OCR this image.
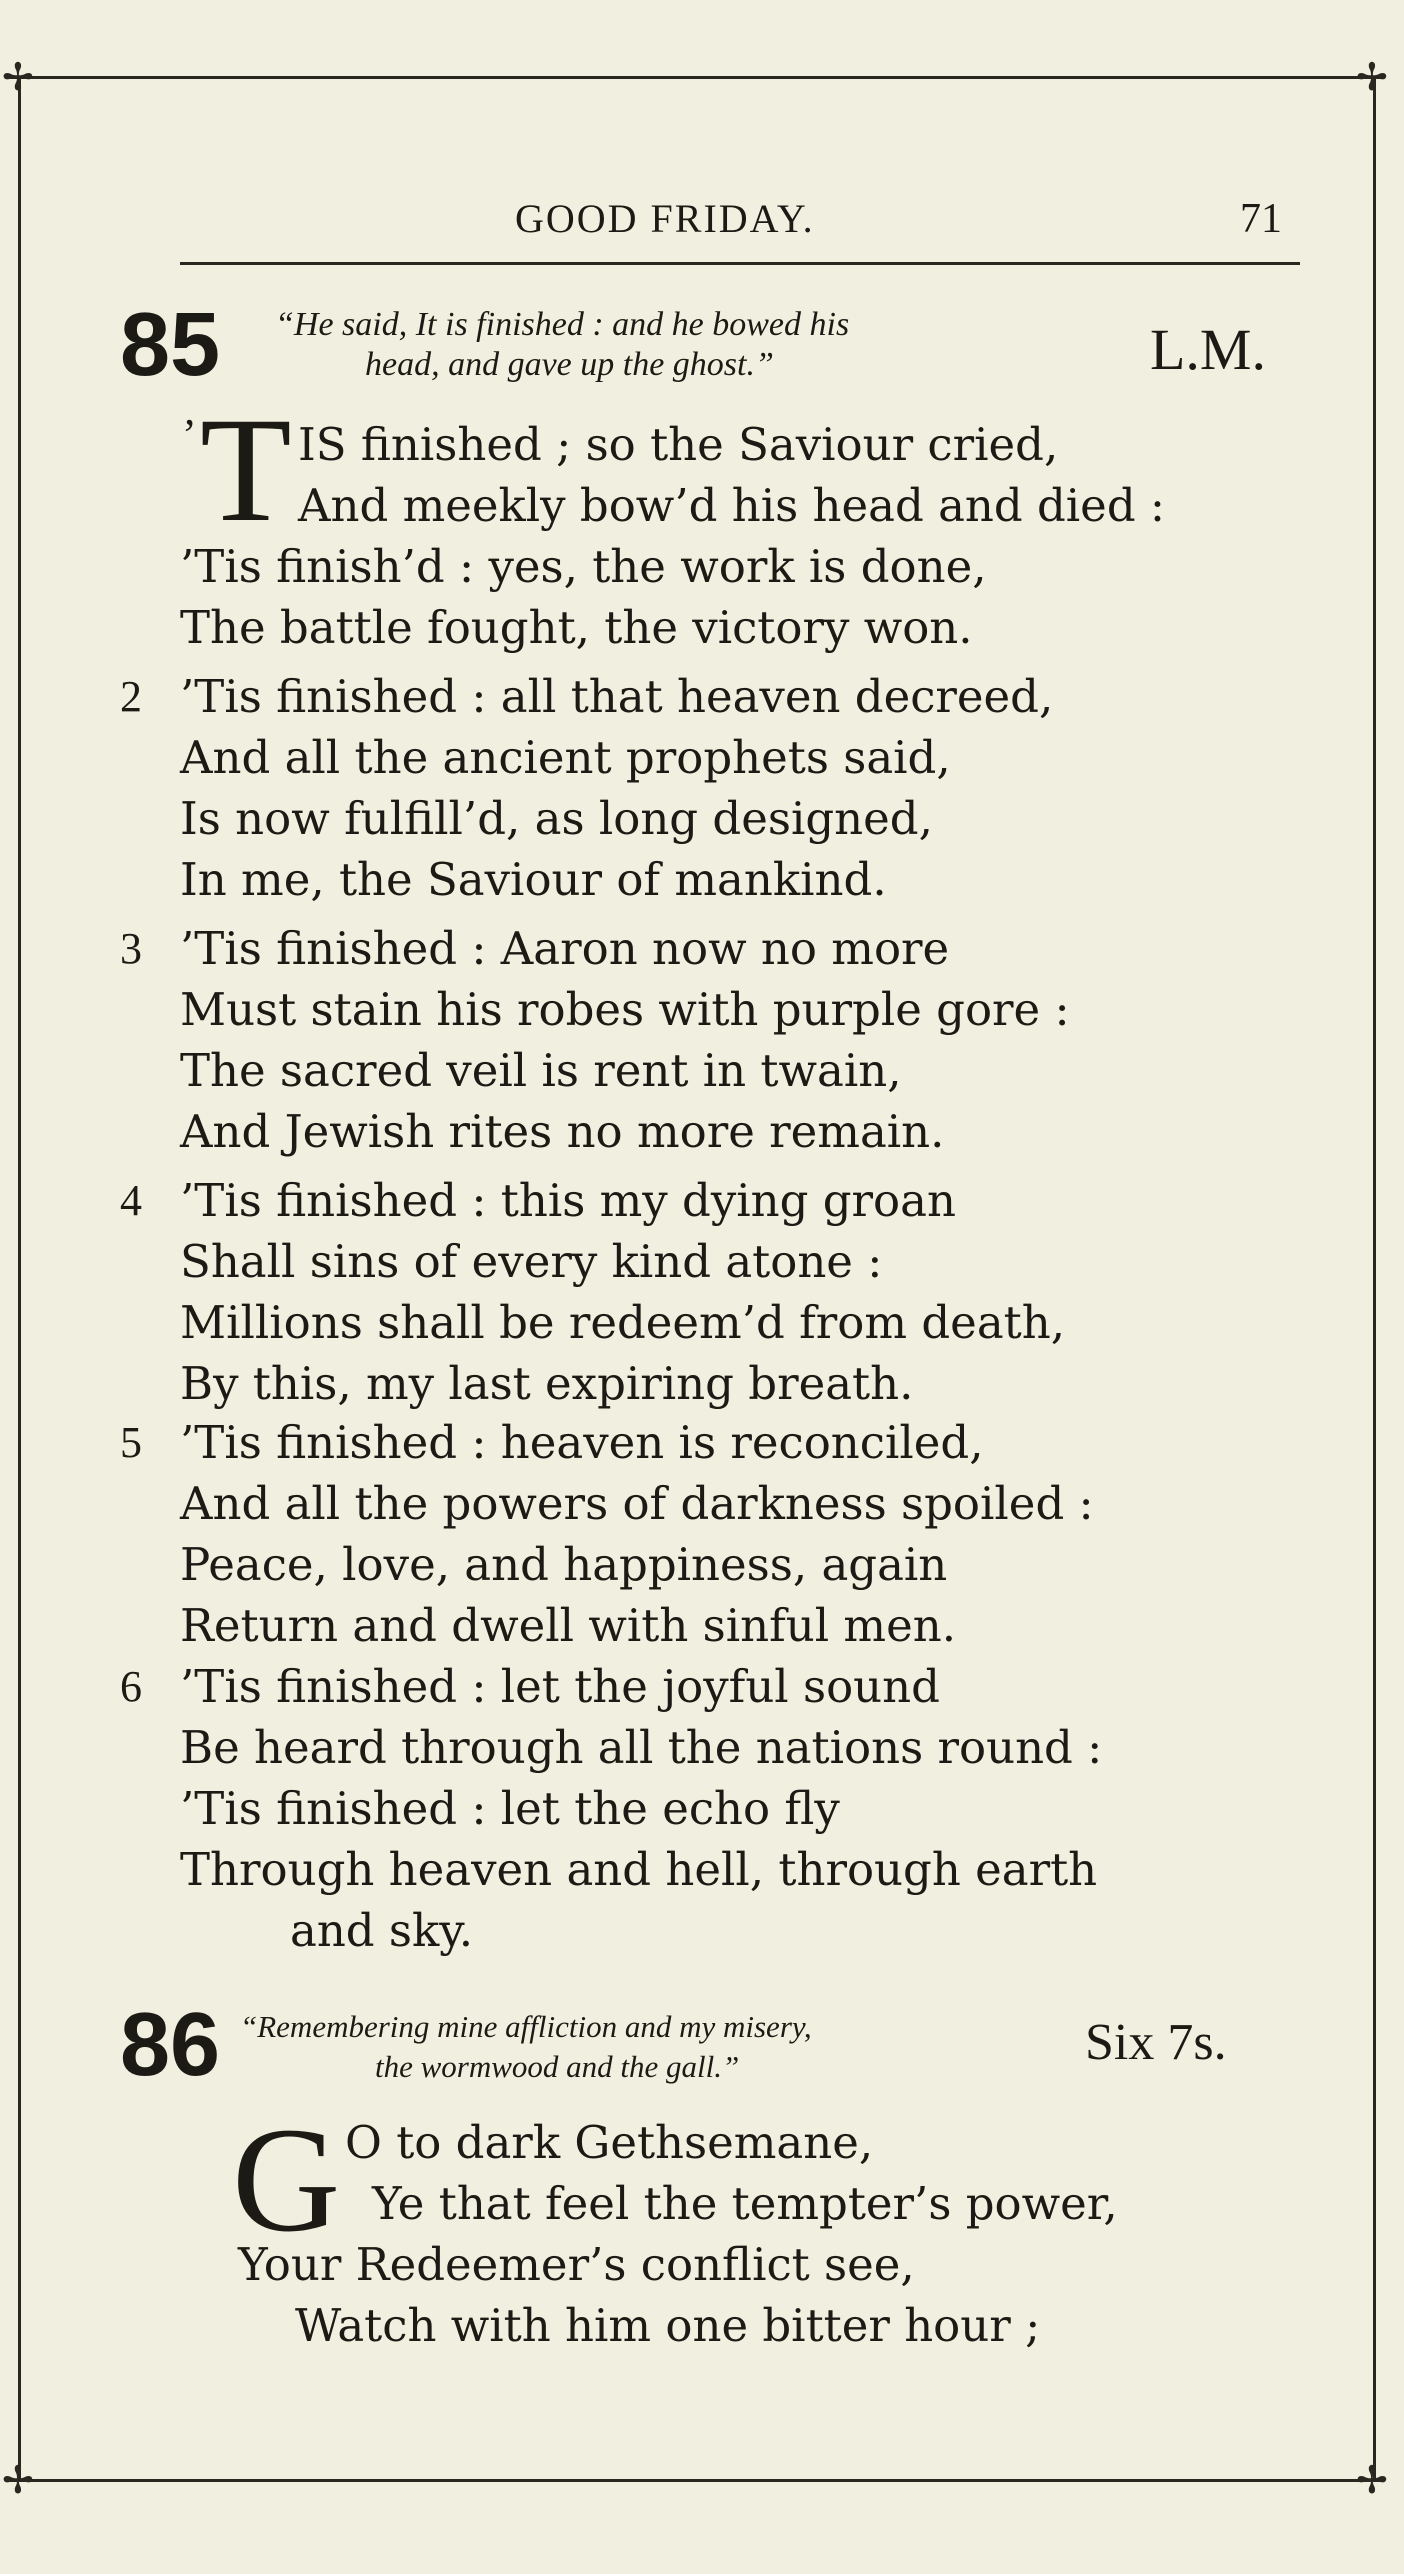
✢	✢
✢	✢
GOOD FRIDAY.	71
85 “He said, It is finished : and he bowed his
head, and gave up the ghost.”	L.M.
’ T IS finished ; so the Saviour cried,
And meekly bow’d his head and died :
’Tis finish’d : yes, the work is done,
The battle fought, the victory won.
2 ’Tis finished : all that heaven decreed,
And all the ancient prophets said,
Is now fulfill’d, as long designed,
In me, the Saviour of mankind.
3 ’Tis finished : Aaron now no more
Must stain his robes with purple gore :
The sacred veil is rent in twain,
And Jewish rites no more remain.
4 ’Tis finished : this my dying groan
Shall sins of every kind atone :
Millions shall be redeem’d from death,
By this, my last expiring breath.
5 ’Tis finished : heaven is reconciled,
And all the powers of darkness spoiled :
Peace, love, and happiness, again
Return and dwell with sinful men.
6 ’Tis finished : let the joyful sound
Be heard through all the nations round :
’Tis finished : let the echo fly
Through heaven and hell, through earth
and sky.
86 “Remembering mine affliction and my misery,
the wormwood and the gall.”	Six 7s.
G O to dark Gethsemane,
Ye that feel the tempter’s power,
Your Redeemer’s conflict see,
Watch with him one bitter hour ;
